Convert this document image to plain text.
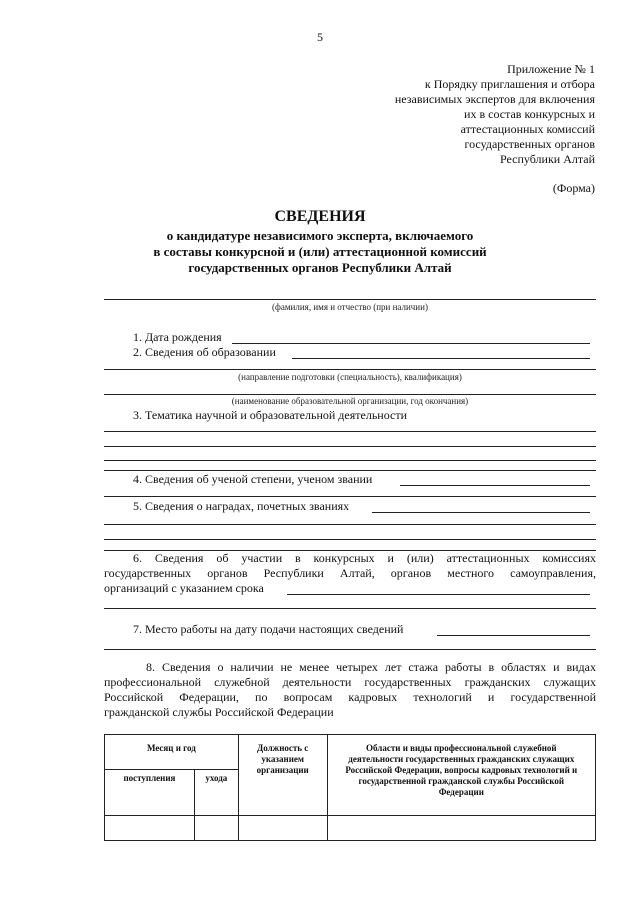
5
Приложение № 1
к Порядку приглашения и отбора
независимых экспертов для включения
их в состав конкурсных и
аттестационных комиссий
государственных органов
Республики Алтай
(Форма)
СВЕДЕНИЯ
о кандидатуре независимого эксперта, включаемого
в составы конкурсной и (или) аттестационной комиссий
государственных органов Республики Алтай
(фамилия, имя и отчество (при наличии)
1. Дата рождения
2. Сведения об образовании
(направление подготовки (специальность), квалификация)
(наименование образовательной организации, год окончания)
3. Тематика научной и образовательной деятельности
4. Сведения об ученой степени, ученом звании
5. Сведения о наградах, почетных званиях
6. Сведения об участии в конкурсных и (или) аттестационных комиссиях
государственных органов Республики Алтай, органов местного самоуправления,
организаций с указанием срока
7. Место работы на дату подачи настоящих сведений
8. Сведения о наличии не менее четырех лет стажа работы в областях и видах
профессиональной служебной деятельности государственных гражданских служащих
Российской Федерации, по вопросам кадровых технологий и государственной
гражданской службы Российской Федерации
Месяц и год		Должность с указанием организации	Области и виды профессиональной служебной деятельности государственных гражданских служащих Российской Федерации, вопросы кадровых технологий и государственной гражданской службы Российской Федерации
поступления	ухода		
